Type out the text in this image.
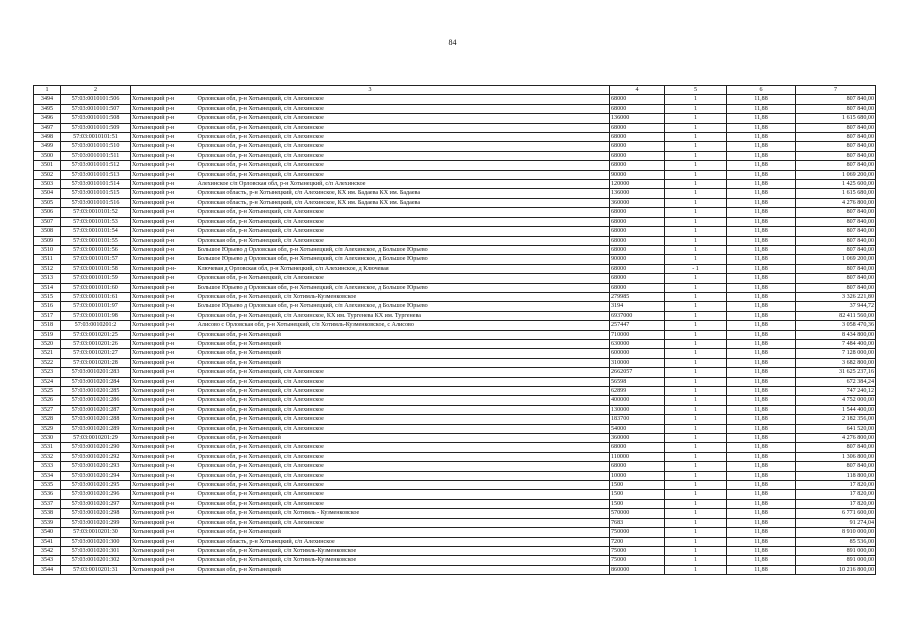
84
1	2	3	4	5	6	7
3494	57:03:0010101:506	Хотынецкий р-н Орловская обл, р-н Хотынецкий, с/п Алехинское	68000	1	11,88	807 840,00
3495	57:03:0010101:507	Хотынецкий р-н Орловская обл, р-н Хотынецкий, с/п Алехинское	68000	1	11,88	807 840,00
3496	57:03:0010101:508	Хотынецкий р-н Орловская обл, р-н Хотынецкий, с/п Алехинское	136000	1	11,88	1 615 680,00
3497	57:03:0010101:509	Хотынецкий р-н Орловская обл, р-н Хотынецкий, с/п Алехинское	68000	1	11,88	807 840,00
3498	57:03:0010101:51	Хотынецкий р-н Орловская обл, р-н Хотынецкий, с/п Алехинское	68000	1	11,88	807 840,00
3499	57:03:0010101:510	Хотынецкий р-н Орловская обл, р-н Хотынецкий, с/п Алехинское	68000	1	11,88	807 840,00
3500	57:03:0010101:511	Хотынецкий р-н Орловская обл, р-н Хотынецкий, с/п Алехинское	68000	1	11,88	807 840,00
3501	57:03:0010101:512	Хотынецкий р-н Орловская обл, р-н Хотынецкий, с/п Алехинское	68000	1	11,88	807 840,00
3502	57:03:0010101:513	Хотынецкий р-н Орловская обл, р-н Хотынецкий, с/п Алехинское	90000	1	11,88	1 069 200,00
3503	57:03:0010101:514	Хотынецкий р-н Алехинское с/п Орловская обл, р-н Хотынецкий, с/п Алехинское	120000	1	11,88	1 425 600,00
3504	57:03:0010101:515	Хотынецкий р-н Орловская область, р-н Хотынецкий, с/п Алехинское, КХ им. Бадаева КХ им. Бадаева	136000	1	11,88	1 615 680,00
3505	57:03:0010101:516	Хотынецкий р-н Орловская область, р-н Хотынецкий, с/п Алехинское, КХ им. Бадаева КХ им. Бадаева	360000	1	11,88	4 276 800,00
3506	57:03:0010101:52	Хотынецкий р-н Орловская обл, р-н Хотынецкий, с/п Алехинское	68000	1	11,88	807 840,00
3507	57:03:0010101:53	Хотынецкий р-н Орловская обл, р-н Хотынецкий, с/п Алехинское	68000	1	11,88	807 840,00
3508	57:03:0010101:54	Хотынецкий р-н Орловская обл, р-н Хотынецкий, с/п Алехинское	68000	1	11,88	807 840,00
3509	57:03:0010101:55	Хотынецкий р-н Орловская обл, р-н Хотынецкий, с/п Алехинское	68000	1	11,88	807 840,00
3510	57:03:0010101:56	Хотынецкий р-н Большое Юрьево д Орловская обл, р-н Хотынецкий, с/п Алехинское, д Большое Юрьево	68000	1	11,88	807 840,00
3511	57:03:0010101:57	Хотынецкий р-н Большое Юрьево д Орловская обл, р-н Хотынецкий, с/п Алехинское, д Большое Юрьево	90000	1	11,88	1 069 200,00
3512	57:03:0010101:58	Хотынецкий р-н- Ключевая д Орловская обл, р-н Хотынецкий, с/п Алехинское, д Ключевая	68000	- 1	11,88	807 840,00
3513	57:03:0010101:59	Хотынецкий р-н Орловская обл, р-н Хотынецкий, с/п Алехинское	68000	1	11,88	807 840,00
3514	57:03:0010101:60	Хотынецкий р-н Большое Юрьево д Орловская обл, р-н Хотынецкий, с/п Алехинское, д Большое Юрьево	68000	1	11,88	807 840,00
3515	57:03:0010101:61	Хотынецкий р-н Орловская обл, р-н Хотынецкий, с/п Хотимль-Кузменковское	279985	1	11,88	3 326 221,80
3516	57:03:0010101:97	Хотынецкий р-н Большое Юрьево д Орловская обл, р-н Хотынецкий, с/п Алехинское, д Большое Юрьево	3194	1	11,88	37 944,72
3517	57:03:0010101:98	Хотынецкий р-н Орловская обл, р-н Хотынецкий, с/п Алехинское, КХ им. Тургенева КХ им. Тургенева	6937000	1	11,88	82 411 560,00
3518	57:03:0010201:2	Хотынецкий р-н Алисово с Орловская обл, р-н Хотынецкий, с/п Хотимль-Кузменковское, с Алисово	257447	1	11,88	3 058 470,36
3519	57:03:0010201:25	Хотынецкий р-н Орловская обл, р-н Хотынецкий	710000	1	11,88	8 434 800,00
3520	57:03:0010201:26	Хотынецкий р-н Орловская обл, р-н Хотынецкий	630000	1	11,88	7 484 400,00
3521	57:03:0010201:27	Хотынецкий р-н Орловская обл, р-н Хотынецкий	600000	1	11,88	7 128 000,00
3522	57:03:0010201:28	Хотынецкий р-н Орловская обл, р-н Хотынецкий	310000	1	11,88	3 682 800,00
3523	57:03:0010201:283	Хотынецкий р-н Орловская обл, р-н Хотынецкий, с/п Алехинское	2662057	1	11,88	31 625 237,16
3524	57:03:0010201:284	Хотынецкий р-н Орловская обл, р-н Хотынецкий, с/п Алехинское	56598	1	11,88	672 384,24
3525	57:03:0010201:285	Хотынецкий р-н Орловская обл, р-н Хотынецкий, с/п Алехинское	62899	1	11,88	747 240,12
3526	57:03:0010201:286	Хотынецкий р-н Орловская обл, р-н Хотынецкий, с/п Алехинское	400000	1	11,88	4 752 000,00
3527	57:03:0010201:287	Хотынецкий р-н Орловская обл, р-н Хотынецкий, с/п Алехинское	130000	1	11,88	1 544 400,00
3528	57:03:0010201:288	Хотынецкий р-н Орловская обл, р-н Хотынецкий, с/п Алехинское	183700	1	11,88	2 182 356,00
3529	57:03:0010201:289	Хотынецкий р-н Орловская обл, р-н Хотынецкий, с/п Алехинское	54000	1	11,88	641 520,00
3530	57:03:0010201:29	Хотынецкий р-н Орловская обл, р-н Хотынецкий	360000	1	11,88	4 276 800,00
3531	57:03:0010201:290	Хотынецкий р-н Орловская обл, р-н Хотынецкий, с/п Алехинское	68000	1	11,88	807 840,00
3532	57:03:0010201:292	Хотынецкий р-н Орловская обл, р-н Хотынецкий, с/п Алехинское	110000	1	11,88	1 306 800,00
3533	57:03:0010201:293	Хотынецкий р-н Орловская обл, р-н Хотынецкий, с/п Алехинское	68000	1	11,88	807 840,00
3534	57:03:0010201:294	Хотынецкий р-н Орловская обл, р-н Хотынецкий, с/п Алехинское	10000	1	11,88	118 800,00
3535	57:03:0010201:295	Хотынецкий р-н Орловская обл, р-н Хотынецкий, с/п Алехинское	1500	1	11,88	17 820,00
3536	57:03:0010201:296	Хотынецкий р-н Орловская обл, р-н Хотынецкий, с/п Алехинское	1500	1	11,88	17 820,00
3537	57:03:0010201:297	Хотынецкий р-н Орловская обл, р-н Хотынецкий, с/п Алехинское	1500	1	11,88	17 820,00
3538	57:03:0010201:298	Хотынецкий р-н Орловская обл, р-н Хотынецкий, с/п Хотимль - Кузменковское	570000	1	11,88	6 771 600,00
3539	57:03:0010201:299	Хотынецкий р-н Орловская обл, р-н Хотынецкий, с/п Алехинское	7683	1	11,88	91 274,04
3540	57:03:0010201:30	Хотынецкий р-н Орловская обл, р-н Хотынецкий	750000	1	11,88	8 910 000,00
3541	57:03:0010201:300	Хотынецкий р-н Орловская область, р-н Хотынецкий, с/п Алехинское	7200	1	11,88	85 536,00
3542	57:03:0010201:301	Хотынецкий р-н Орловская обл, р-н Хотынецкий, с/п Хотимль-Кузменковское	75000	1	11,88	891 000,00
3543	57:03:0010201:302	Хотынецкий р-н Орловская обл, р-н Хотынецкий, с/п Хотимль-Кузменковское	75000	1	11,88	891 000,00
3544	57:03:0010201:31	Хотынецкий р-н Орловская обл, р-н Хотынецкий	860000	1	11,88	10 216 800,00
